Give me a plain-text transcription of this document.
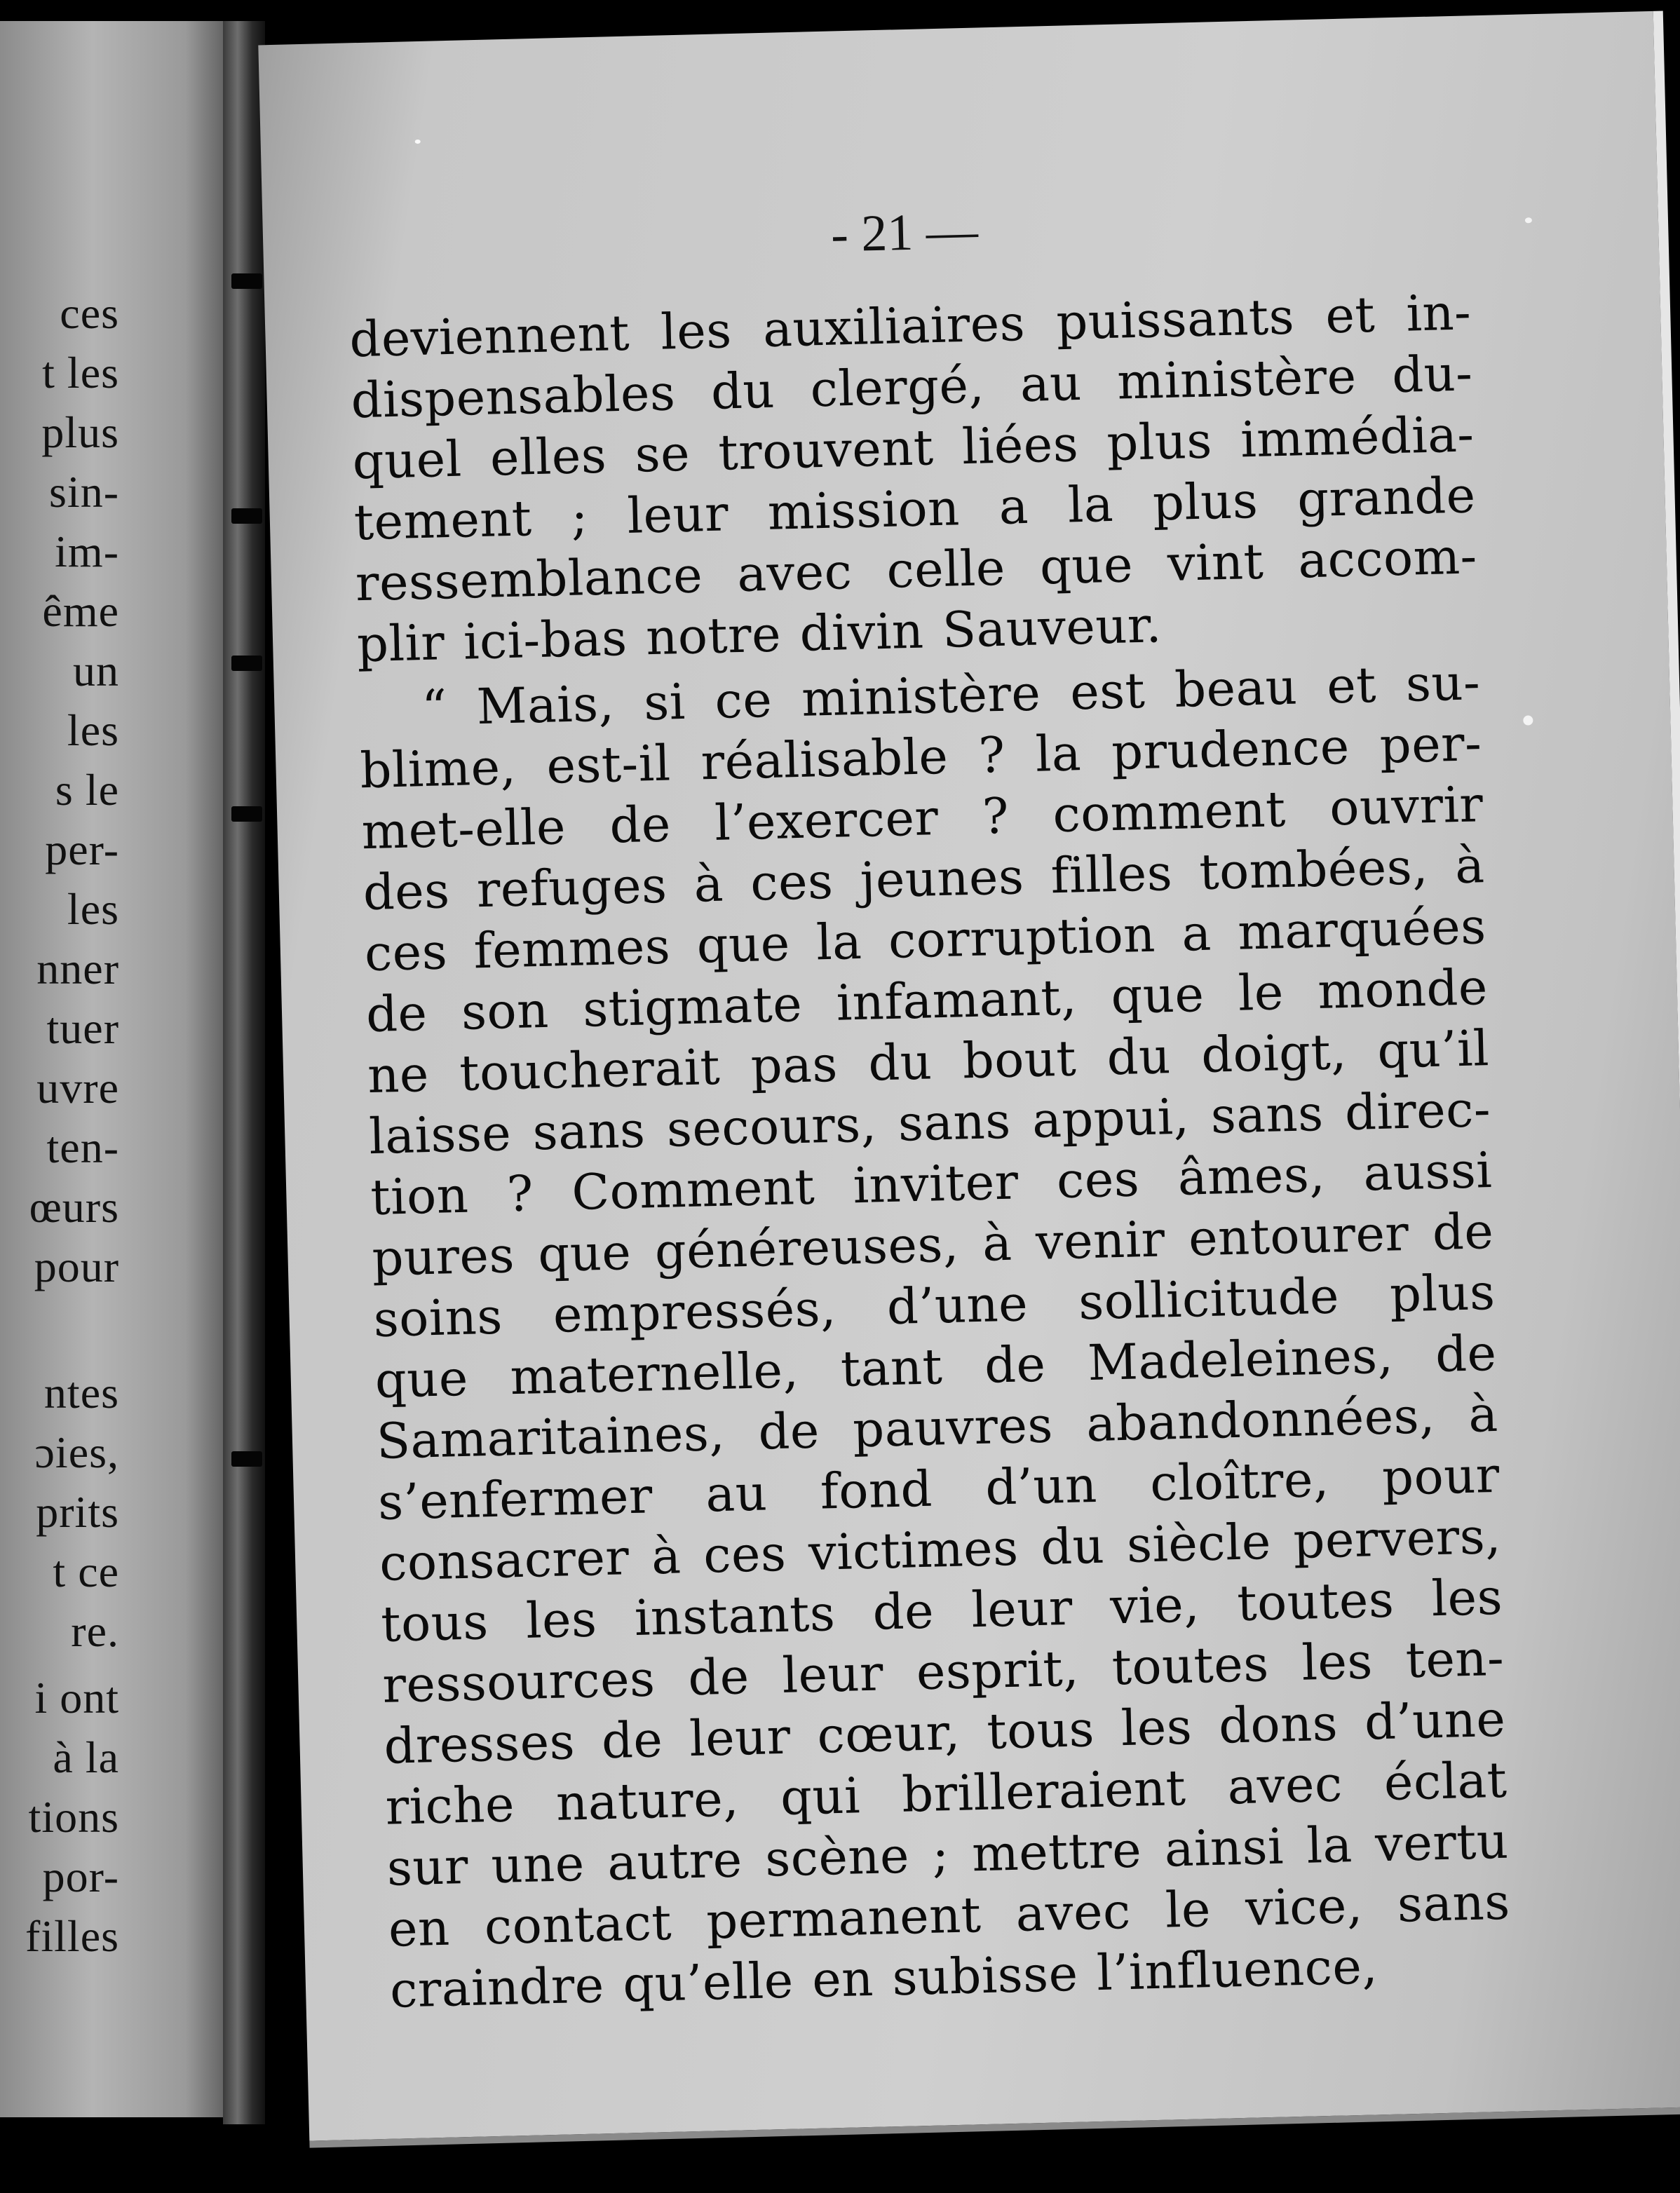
ces
t les
plus
sin-
im-
ême
un
les
s le
per-
les
nner
tuer
uvre
ten-
œurs
pour
ntes
ɔies,
prits
t ce
re.
i ont
à la
tions
por-
filles
- 21 —
deviennent les auxiliaires puissants et in-
dispensables du clergé, au ministère du-
quel elles se trouvent liées plus immédia-
tement ; leur mission a la plus grande
ressemblance avec celle que vint accom-
plir ici-bas notre divin Sauveur.
“ Mais, si ce ministère est beau et su-
blime, est-il réalisable ? la prudence per-
met-elle de l’exercer ? comment ouvrir
des refuges à ces jeunes filles tombées, à
ces femmes que la corruption a marquées
de son stigmate infamant, que le monde
ne toucherait pas du bout du doigt, qu’il
laisse sans secours, sans appui, sans direc-
tion ? Comment inviter ces âmes, aussi
pures que généreuses, à venir entourer de
soins empressés, d’une sollicitude plus
que maternelle, tant de Madeleines, de
Samaritaines, de pauvres abandonnées, à
s’enfermer au fond d’un cloître, pour
consacrer à ces victimes du siècle pervers,
tous les instants de leur vie, toutes les
ressources de leur esprit, toutes les ten-
dresses de leur cœur, tous les dons d’une
riche nature, qui brilleraient avec éclat
sur une autre scène ; mettre ainsi la vertu
en contact permanent avec le vice, sans
craindre qu’elle en subisse l’influence,
